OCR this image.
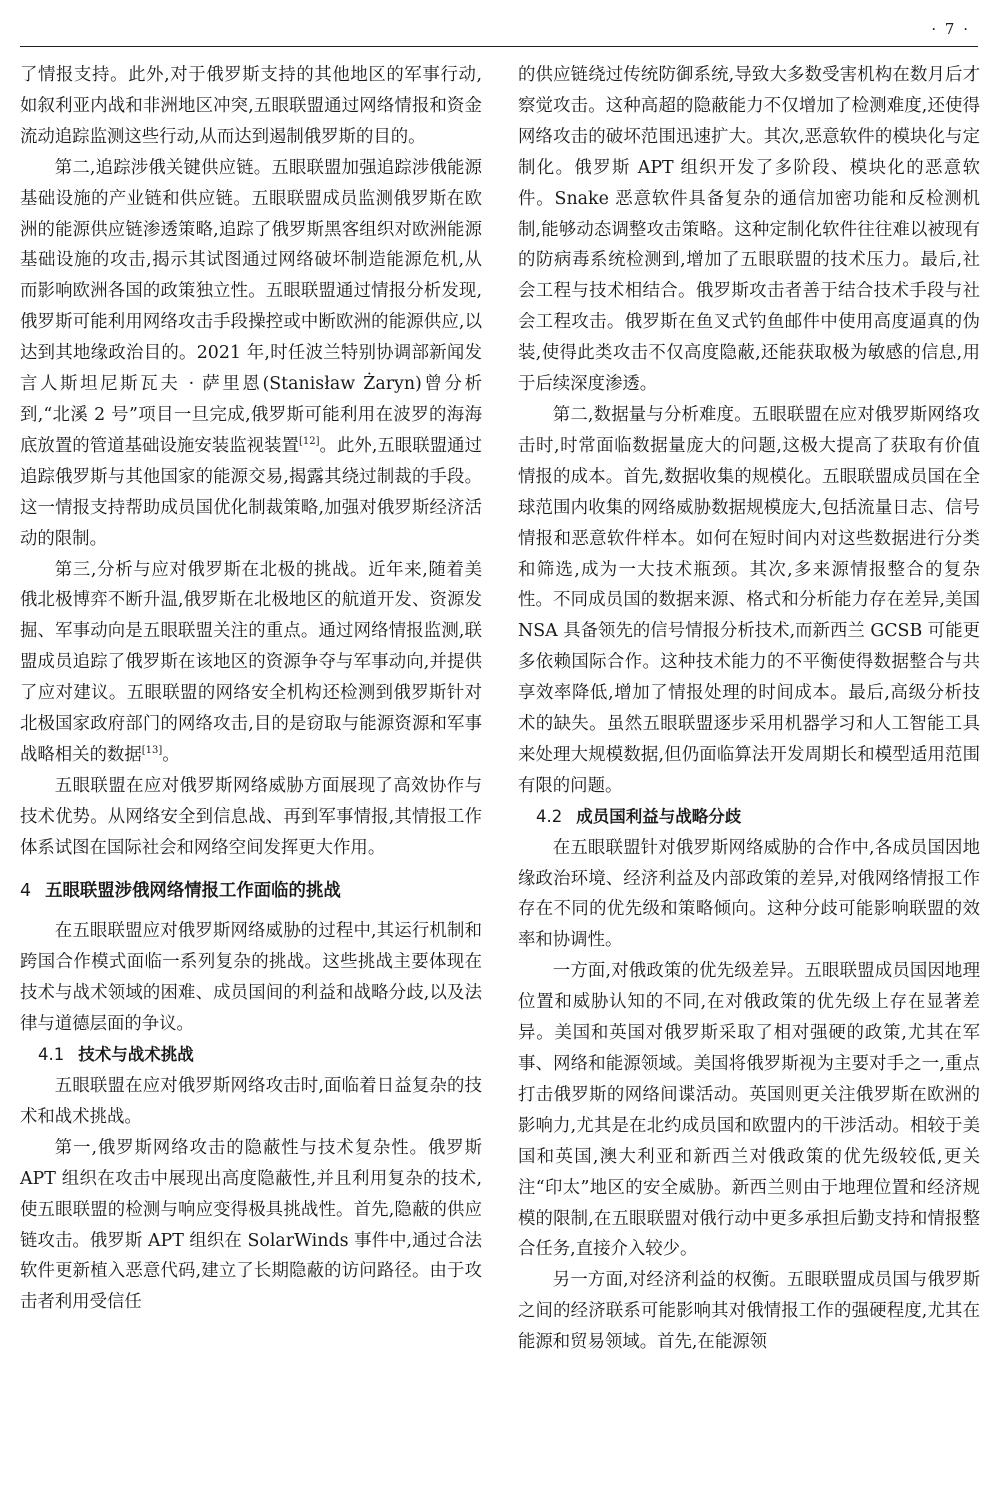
· 7 ·

了情报支持。此外,对于俄罗斯支持的其他地区的军事行动,如叙利亚内战和非洲地区冲突,五眼联盟通过网络情报和资金流动追踪监测这些行动,从而达到遏制俄罗斯的目的。

第二,追踪涉俄关键供应链。五眼联盟加强追踪涉俄能源基础设施的产业链和供应链。五眼联盟成员监测俄罗斯在欧洲的能源供应链渗透策略,追踪了俄罗斯黑客组织对欧洲能源基础设施的攻击,揭示其试图通过网络破坏制造能源危机,从而影响欧洲各国的政策独立性。五眼联盟通过情报分析发现,俄罗斯可能利用网络攻击手段操控或中断欧洲的能源供应,以达到其地缘政治目的。2021 年,时任波兰特别协调部新闻发言人斯坦尼斯瓦夫 · 萨里恩(Stanisław Żaryn)曾分析到,“北溪 2 号”项目一旦完成,俄罗斯可能利用在波罗的海海底放置的管道基础设施安装监视装置[12]。此外,五眼联盟通过追踪俄罗斯与其他国家的能源交易,揭露其绕过制裁的手段。这一情报支持帮助成员国优化制裁策略,加强对俄罗斯经济活动的限制。

第三,分析与应对俄罗斯在北极的挑战。近年来,随着美俄北极博弈不断升温,俄罗斯在北极地区的航道开发、资源发掘、军事动向是五眼联盟关注的重点。通过网络情报监测,联盟成员追踪了俄罗斯在该地区的资源争夺与军事动向,并提供了应对建议。五眼联盟的网络安全机构还检测到俄罗斯针对北极国家政府部门的网络攻击,目的是窃取与能源资源和军事战略相关的数据[13]。

五眼联盟在应对俄罗斯网络威胁方面展现了高效协作与技术优势。从网络安全到信息战、再到军事情报,其情报工作体系试图在国际社会和网络空间发挥更大作用。

4 五眼联盟涉俄网络情报工作面临的挑战

在五眼联盟应对俄罗斯网络威胁的过程中,其运行机制和跨国合作模式面临一系列复杂的挑战。这些挑战主要体现在技术与战术领域的困难、成员国间的利益和战略分歧,以及法律与道德层面的争议。

4.1 技术与战术挑战

五眼联盟在应对俄罗斯网络攻击时,面临着日益复杂的技术和战术挑战。

第一,俄罗斯网络攻击的隐蔽性与技术复杂性。俄罗斯 APT 组织在攻击中展现出高度隐蔽性,并且利用复杂的技术,使五眼联盟的检测与响应变得极具挑战性。首先,隐蔽的供应链攻击。俄罗斯 APT 组织在 SolarWinds 事件中,通过合法软件更新植入恶意代码,建立了长期隐蔽的访问路径。由于攻击者利用受信任

的供应链绕过传统防御系统,导致大多数受害机构在数月后才察觉攻击。这种高超的隐蔽能力不仅增加了检测难度,还使得网络攻击的破坏范围迅速扩大。其次,恶意软件的模块化与定制化。俄罗斯 APT 组织开发了多阶段、模块化的恶意软件。Snake 恶意软件具备复杂的通信加密功能和反检测机制,能够动态调整攻击策略。这种定制化软件往往难以被现有的防病毒系统检测到,增加了五眼联盟的技术压力。最后,社会工程与技术相结合。俄罗斯攻击者善于结合技术手段与社会工程攻击。俄罗斯在鱼叉式钓鱼邮件中使用高度逼真的伪装,使得此类攻击不仅高度隐蔽,还能获取极为敏感的信息,用于后续深度渗透。

第二,数据量与分析难度。五眼联盟在应对俄罗斯网络攻击时,时常面临数据量庞大的问题,这极大提高了获取有价值情报的成本。首先,数据收集的规模化。五眼联盟成员国在全球范围内收集的网络威胁数据规模庞大,包括流量日志、信号情报和恶意软件样本。如何在短时间内对这些数据进行分类和筛选,成为一大技术瓶颈。其次,多来源情报整合的复杂性。不同成员国的数据来源、格式和分析能力存在差异,美国 NSA 具备领先的信号情报分析技术,而新西兰 GCSB 可能更多依赖国际合作。这种技术能力的不平衡使得数据整合与共享效率降低,增加了情报处理的时间成本。最后,高级分析技术的缺失。虽然五眼联盟逐步采用机器学习和人工智能工具来处理大规模数据,但仍面临算法开发周期长和模型适用范围有限的问题。

4.2 成员国利益与战略分歧

在五眼联盟针对俄罗斯网络威胁的合作中,各成员国因地缘政治环境、经济利益及内部政策的差异,对俄网络情报工作存在不同的优先级和策略倾向。这种分歧可能影响联盟的效率和协调性。

一方面,对俄政策的优先级差异。五眼联盟成员国因地理位置和威胁认知的不同,在对俄政策的优先级上存在显著差异。美国和英国对俄罗斯采取了相对强硬的政策,尤其在军事、网络和能源领域。美国将俄罗斯视为主要对手之一,重点打击俄罗斯的网络间谍活动。英国则更关注俄罗斯在欧洲的影响力,尤其是在北约成员国和欧盟内的干涉活动。相较于美国和英国,澳大利亚和新西兰对俄政策的优先级较低,更关注“印太”地区的安全威胁。新西兰则由于地理位置和经济规模的限制,在五眼联盟对俄行动中更多承担后勤支持和情报整合任务,直接介入较少。

另一方面,对经济利益的权衡。五眼联盟成员国与俄罗斯之间的经济联系可能影响其对俄情报工作的强硬程度,尤其在能源和贸易领域。首先,在能源领
